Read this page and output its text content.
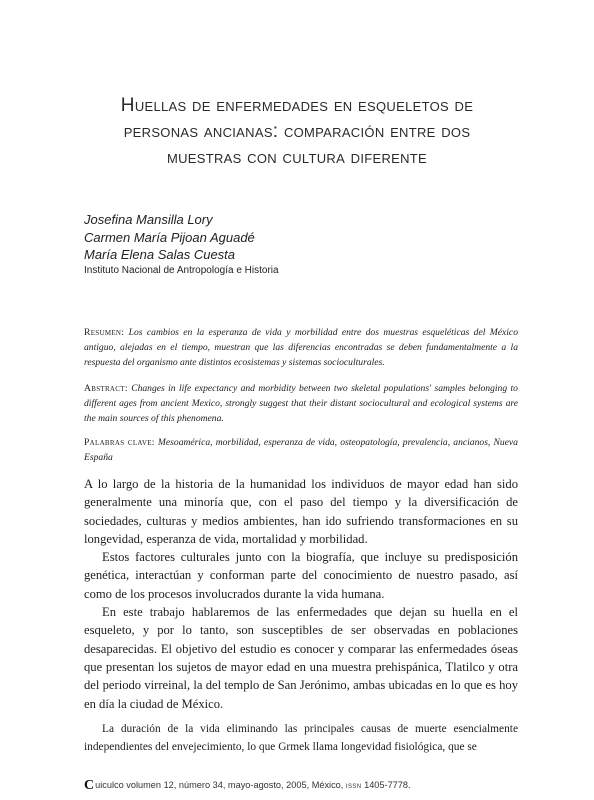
Huellas de enfermedades en esqueletos de
personas ancianas: comparación entre dos
muestras con cultura diferente
Josefina Mansilla Lory
Carmen María Pijoan Aguadé
María Elena Salas Cuesta
Instituto Nacional de Antropología e Historia
Resumen: Los cambios en la esperanza de vida y morbilidad entre dos muestras esqueléticas del México antiguo, alejadas en el tiempo, muestran que las diferencias encontradas se deben fundamentalmente a la respuesta del organismo ante distintos ecosistemas y sistemas socioculturales.
Abstract: Changes in life expectancy and morbidity between two skeletal populations' samples belonging to different ages from ancient Mexico, strongly suggest that their distant sociocultural and ecological systems are the main sources of this phenomena.
Palabras clave: Mesoamérica, morbilidad, esperanza de vida, osteopatología, prevalencia, ancianos, Nueva España

A lo largo de la historia de la humanidad los individuos de mayor edad han sido generalmente una minoría que, con el paso del tiempo y la diversificación de sociedades, culturas y medios ambientes, han ido sufriendo transformaciones en su longevidad, esperanza de vida, mortalidad y morbilidad.

Estos factores culturales junto con la biografía, que incluye su predisposición genética, interactúan y conforman parte del conocimiento de nuestro pasado, así como de los procesos involucrados durante la vida humana.

En este trabajo hablaremos de las enfermedades que dejan su huella en el esqueleto, y por lo tanto, son susceptibles de ser observadas en poblaciones desaparecidas. El objetivo del estudio es conocer y comparar las enfermedades óseas que presentan los sujetos de mayor edad en una muestra prehispánica, Tlatilco y otra del periodo virreinal, la del templo de San Jerónimo, ambas ubicadas en lo que es hoy en día la ciudad de México.

La duración de la vida eliminando las principales causas de muerte esencialmente independientes del envejecimiento, lo que Grmek llama longevidad fisiológica, que se

Cuiculco volumen 12, número 34, mayo-agosto, 2005, México, issn 1405-7778.
